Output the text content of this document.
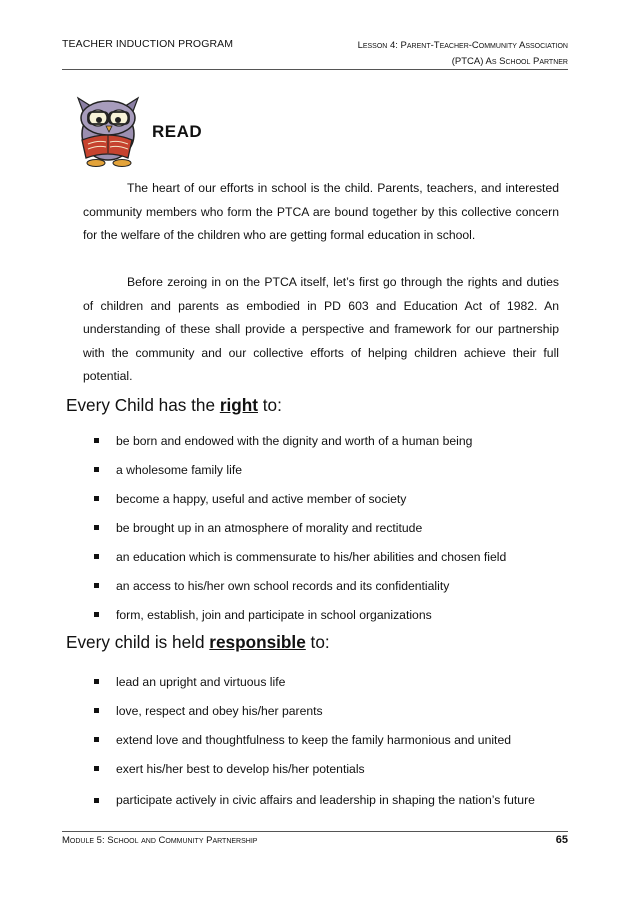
TEACHER INDUCTION PROGRAM	Lesson 4: Parent-Teacher-Community Association
(PTCA) As School Partner
READ

The heart of our efforts in school is the child. Parents, teachers, and interested community members who form the PTCA are bound together by this collective concern for the welfare of the children who are getting formal education in school.

Before zeroing in on the PTCA itself, let’s first go through the rights and duties of children and parents as embodied in PD 603 and Education Act of 1982. An understanding of these shall provide a perspective and framework for our partnership with the community and our collective efforts of helping children achieve their full potential.

Every Child has the right to:
be born and endowed with the dignity and worth of a human being
a wholesome family life
become a happy, useful and active member of society
be brought up in an atmosphere of morality and rectitude
an education which is commensurate to his/her abilities and chosen field
an access to his/her own school records and its confidentiality
form, establish, join and participate in school organizations
Every child is held responsible to:
lead an upright and virtuous life
love, respect and obey his/her parents
extend love and thoughtfulness to keep the family harmonious and united
exert his/her best to develop his/her potentials
participate actively in civic affairs and leadership in shaping the nation’s future
Module 5: School and Community Partnership	65
